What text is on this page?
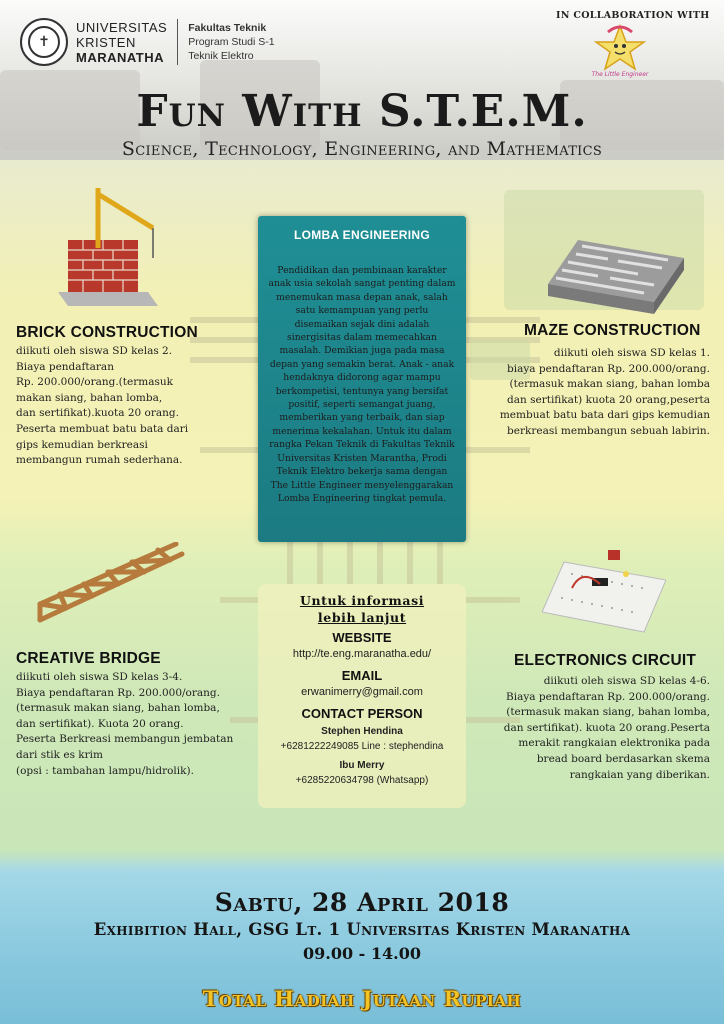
✝
UNIVERSITAS
KRISTEN
MARANATHA
Fakultas Teknik
Program Studi S-1
Teknik Elektro
IN COLLABORATION WITH
The Little Engineer
Fun With S.T.E.M.
Science, Technology, Engineering, and Mathematics
BRICK CONSTRUCTION
diikuti oleh siswa SD kelas 2.
Biaya pendaftaran
Rp. 200.000/orang.(termasuk
makan siang, bahan lomba,
dan sertifikat).kuota 20 orang.
Peserta membuat batu bata dari
gips kemudian berkreasi
membangun rumah sederhana.
LOMBA ENGINEERING
Pendidikan dan pembinaan karakter anak usia sekolah sangat penting dalam menemukan masa depan anak, salah satu kemampuan yang perlu disemaikan sejak dini adalah sinergisitas dalam memecahkan masalah. Demikian juga pada masa depan yang semakin berat. Anak - anak hendaknya didorong agar mampu berkompetisi, tentunya yang bersifat positif, seperti semangat juang, memberikan yang terbaik, dan siap menerima kekalahan. Untuk itu dalam rangka Pekan Teknik di Fakultas Teknik Universitas Kristen Marantha, Prodi Teknik Elektro bekerja sama dengan The Little Engineer menyelenggarakan Lomba Engineering tingkat pemula.
MAZE CONSTRUCTION
diikuti oleh siswa SD kelas 1.
biaya pendaftaran Rp. 200.000/orang.
(termasuk makan siang, bahan lomba
dan sertifikat) kuota 20 orang,peserta
membuat batu bata dari gips kemudian
berkreasi membangun sebuah labirin.
CREATIVE BRIDGE
diikuti oleh siswa SD kelas 3-4.
Biaya pendaftaran Rp. 200.000/orang.
(termasuk makan siang, bahan lomba,
dan sertifikat). Kuota 20 orang.
Peserta Berkreasi membangun jembatan
dari stik es krim
(opsi : tambahan lampu/hidrolik).
Untuk informasi
lebih lanjut
WEBSITE
http://te.eng.maranatha.edu/
EMAIL
erwanimerry@gmail.com
CONTACT PERSON
Stephen Hendina
+6281222249085 Line : stephendina
Ibu Merry
+6285220634798 (Whatsapp)
ELECTRONICS CIRCUIT
diikuti oleh siswa SD kelas 4-6.
Biaya pendaftaran Rp. 200.000/orang.
(termasuk makan siang, bahan lomba,
dan sertifikat). kuota 20 orang.Peserta
merakit rangkaian elektronika pada
bread board berdasarkan skema
rangkaian yang diberikan.
Sabtu, 28 April 2018
Exhibition Hall, GSG Lt. 1 Universitas Kristen Maranatha
09.00 - 14.00
Total Hadiah Jutaan Rupiah
